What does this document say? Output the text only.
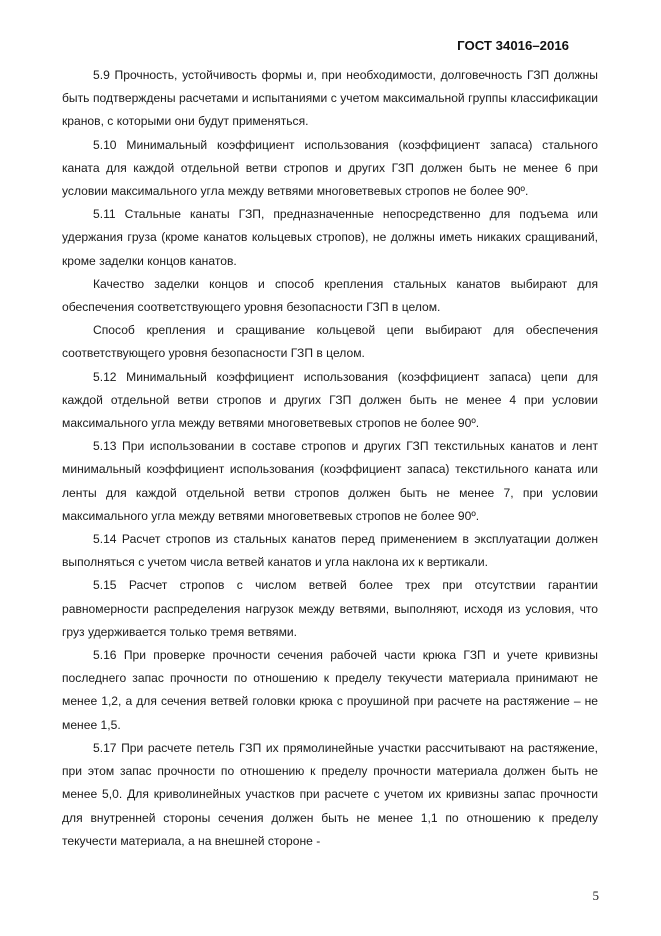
ГОСТ 34016–2016

5.9 Прочность, устойчивость формы и, при необходимости, долговечность ГЗП должны быть подтверждены расчетами и испытаниями с учетом максимальной группы классификации кранов, с которыми они будут применяться.

5.10 Минимальный коэффициент использования (коэффициент запаса) стального каната для каждой отдельной ветви стропов и других ГЗП должен быть не менее 6 при условии максимального угла между ветвями многоветвевых стропов не более 90º.

5.11 Стальные канаты ГЗП, предназначенные непосредственно для подъема или удержания груза (кроме канатов кольцевых стропов), не должны иметь никаких сращиваний, кроме заделки концов канатов.

Качество заделки концов и способ крепления стальных канатов выбирают для обеспечения соответствующего уровня безопасности ГЗП в целом.

Способ крепления и сращивание кольцевой цепи выбирают для обеспечения соответствующего уровня безопасности ГЗП в целом.

5.12 Минимальный коэффициент использования (коэффициент запаса) цепи для каждой отдельной ветви стропов и других ГЗП должен быть не менее 4 при условии максимального угла между ветвями многоветвевых стропов не более 90º.

5.13 При использовании в составе стропов и других ГЗП текстильных канатов и лент минимальный коэффициент использования (коэффициент запаса) текстильного каната или ленты для каждой отдельной ветви стропов должен быть не менее 7, при условии максимального угла между ветвями многоветвевых стропов не более 90º.

5.14 Расчет стропов из стальных канатов перед применением в эксплуатации должен выполняться с учетом числа ветвей канатов и угла наклона их к вертикали.

5.15 Расчет стропов с числом ветвей более трех при отсутствии гарантии равномерности распределения нагрузок между ветвями, выполняют, исходя из условия, что груз удерживается только тремя ветвями.

5.16 При проверке прочности сечения рабочей части крюка ГЗП и учете кривизны последнего запас прочности по отношению к пределу текучести материала принимают не менее 1,2, а для сечения ветвей головки крюка с проушиной при расчете на растяжение – не менее 1,5.

5.17 При расчете петель ГЗП их прямолинейные участки рассчитывают на растяжение, при этом запас прочности по отношению к пределу прочности материала должен быть не менее 5,0. Для криволинейных участков при расчете с учетом их кривизны запас прочности для внутренней стороны сечения должен быть не менее 1,1 по отношению к пределу текучести материала, а на внешней стороне -

5
